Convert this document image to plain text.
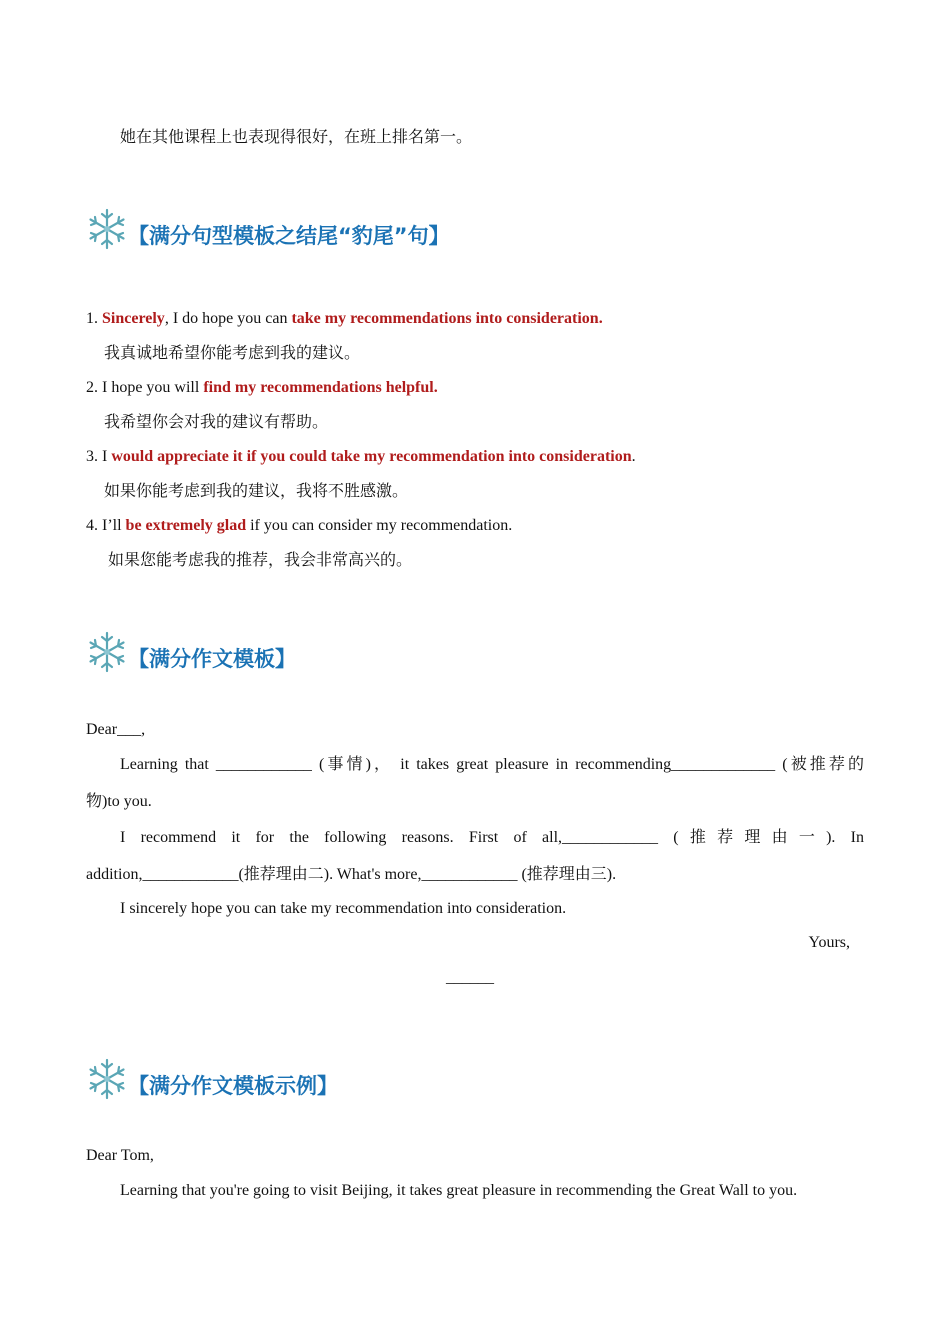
她在其他课程上也表现得很好，在班上排名第一。
【满分句型模板之结尾“豹尾”句】
1. Sincerely, I do hope you can take my recommendations into consideration.
我真诚地希望你能考虑到我的建议。
2. I hope you will find my recommendations helpful.
我希望你会对我的建议有帮助。
3. I would appreciate it if you could take my recommendation into consideration.
如果你能考虑到我的建议，我将不胜感激。
4. I’ll be extremely glad if you can consider my recommendation.
如果您能考虑我的推荐，我会非常高兴的。
【满分作文模板】
Dear___,
Learning that ____________ (事情)， it takes great pleasure in recommending_____________ (被推荐的
物)to you.
I recommend it for the following reasons. First of all,____________ (推荐理由一). In
addition,____________(推荐理由二). What's more,____________ (推荐理由三).
I sincerely hope you can take my recommendation into consideration.
Yours,
______
【满分作文模板示例】
Dear Tom,
Learning that you're going to visit Beijing, it takes great pleasure in recommending the Great Wall to you.
